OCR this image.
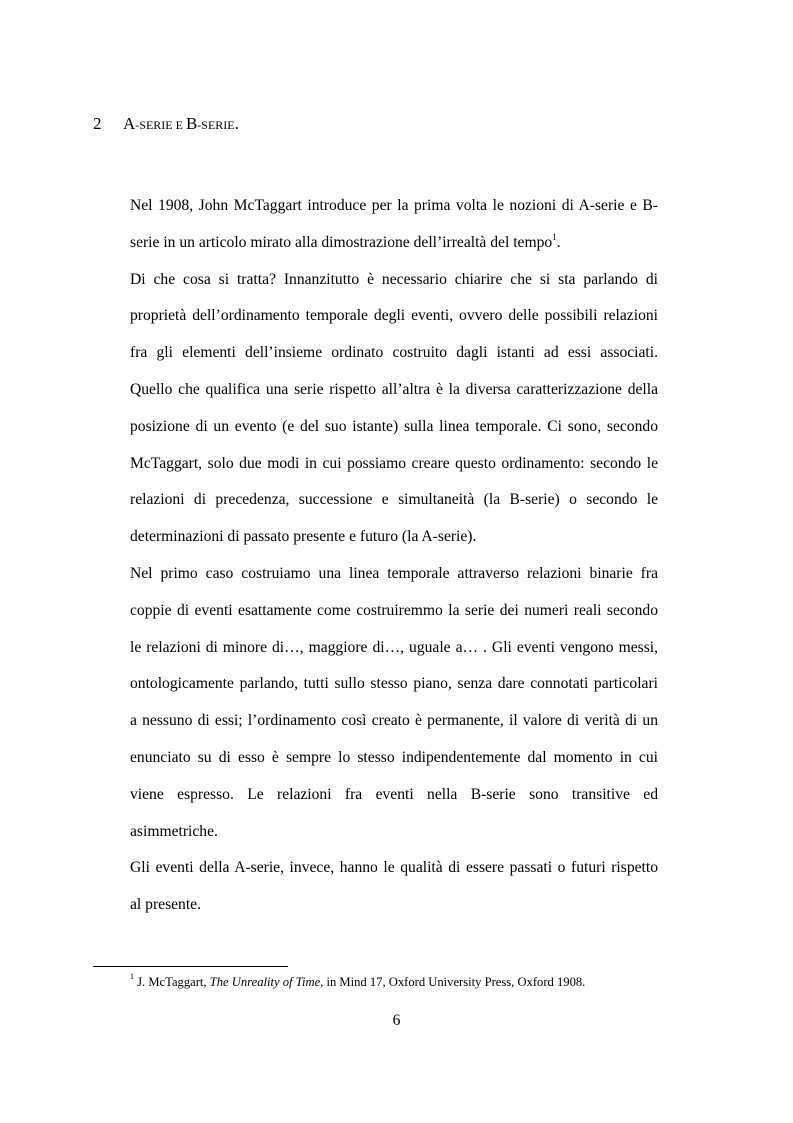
2 A-SERIE E B-SERIE.
Nel 1908, John McTaggart introduce per la prima volta le nozioni di A-serie e B-
serie in un articolo mirato alla dimostrazione dell’irrealtà del tempo$^1$.
Di che cosa si tratta? Innanzitutto è necessario chiarire che si sta parlando di
proprietà dell’ordinamento temporale degli eventi, ovvero delle possibili relazioni
fra gli elementi dell’insieme ordinato costruito dagli istanti ad essi associati.
Quello che qualifica una serie rispetto all’altra è la diversa caratterizzazione della
posizione di un evento (e del suo istante) sulla linea temporale. Ci sono, secondo
McTaggart, solo due modi in cui possiamo creare questo ordinamento: secondo le
relazioni di precedenza, successione e simultaneità (la B-serie) o secondo le
determinazioni di passato presente e futuro (la A-serie).
Nel primo caso costruiamo una linea temporale attraverso relazioni binarie fra
coppie di eventi esattamente come costruiremmo la serie dei numeri reali secondo
le relazioni di minore di…, maggiore di…, uguale a… . Gli eventi vengono messi,
ontologicamente parlando, tutti sullo stesso piano, senza dare connotati particolari
a nessuno di essi; l’ordinamento così creato è permanente, il valore di verità di un
enunciato su di esso è sempre lo stesso indipendentemente dal momento in cui
viene espresso. Le relazioni fra eventi nella B-serie sono transitive ed
asimmetriche.
Gli eventi della A-serie, invece, hanno le qualità di essere passati o futuri rispetto
al presente.
$^1$ J. McTaggart, The Unreality of Time, in Mind 17, Oxford University Press, Oxford 1908.
6
